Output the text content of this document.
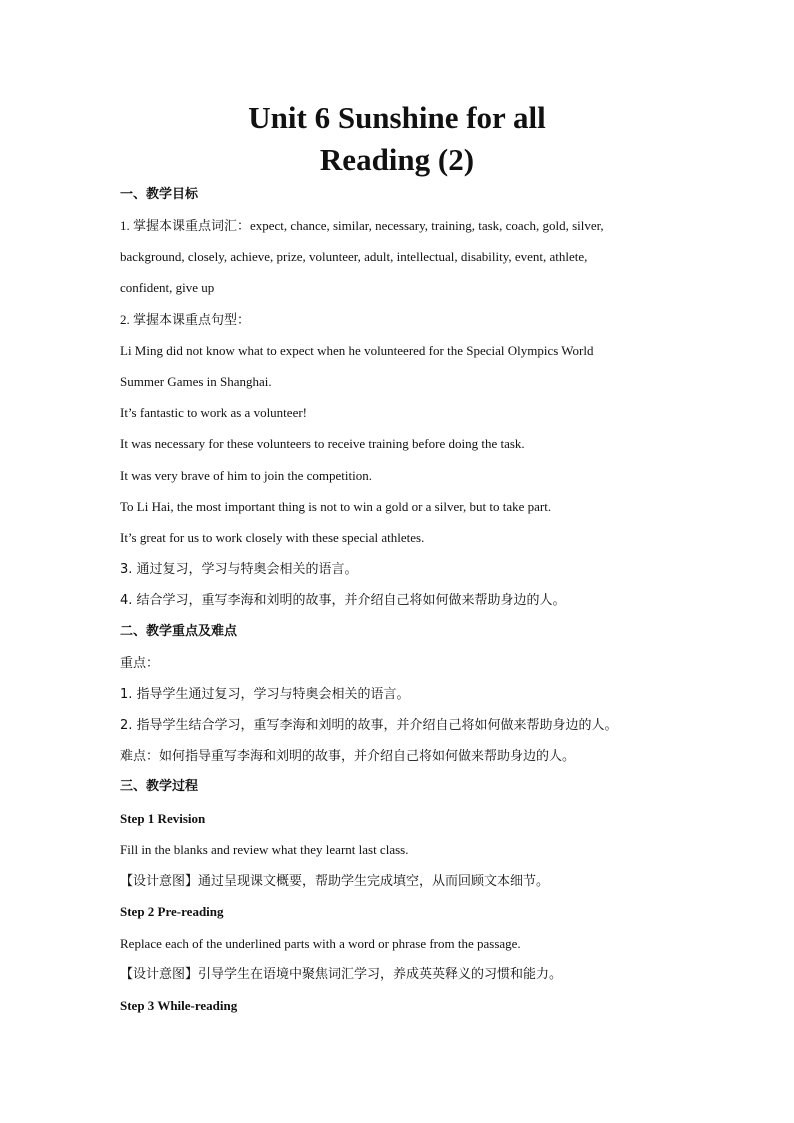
Unit 6 Sunshine for all
Reading (2)

一、教学目标

1. 掌握本课重点词汇：expect, chance, similar, necessary, training, task, coach, gold, silver,

background, closely, achieve, prize, volunteer, adult, intellectual, disability, event, athlete,

confident, give up

2. 掌握本课重点句型：

Li Ming did not know what to expect when he volunteered for the Special Olympics World

Summer Games in Shanghai.

It’s fantastic to work as a volunteer!

It was necessary for these volunteers to receive training before doing the task.

It was very brave of him to join the competition.

To Li Hai, the most important thing is not to win a gold or a silver, but to take part.

It’s great for us to work closely with these special athletes.

3. 通过复习，学习与特奥会相关的语言。

4. 结合学习，重写李海和刘明的故事，并介绍自己将如何做来帮助身边的人。

二、教学重点及难点

重点：

1. 指导学生通过复习，学习与特奥会相关的语言。

2. 指导学生结合学习，重写李海和刘明的故事，并介绍自己将如何做来帮助身边的人。

难点：如何指导重写李海和刘明的故事，并介绍自己将如何做来帮助身边的人。

三、教学过程

Step 1 Revision

Fill in the blanks and review what they learnt last class.

【设计意图】通过呈现课文概要，帮助学生完成填空，从而回顾文本细节。

Step 2 Pre-reading

Replace each of the underlined parts with a word or phrase from the passage.

【设计意图】引导学生在语境中聚焦词汇学习，养成英英释义的习惯和能力。

Step 3 While-reading
